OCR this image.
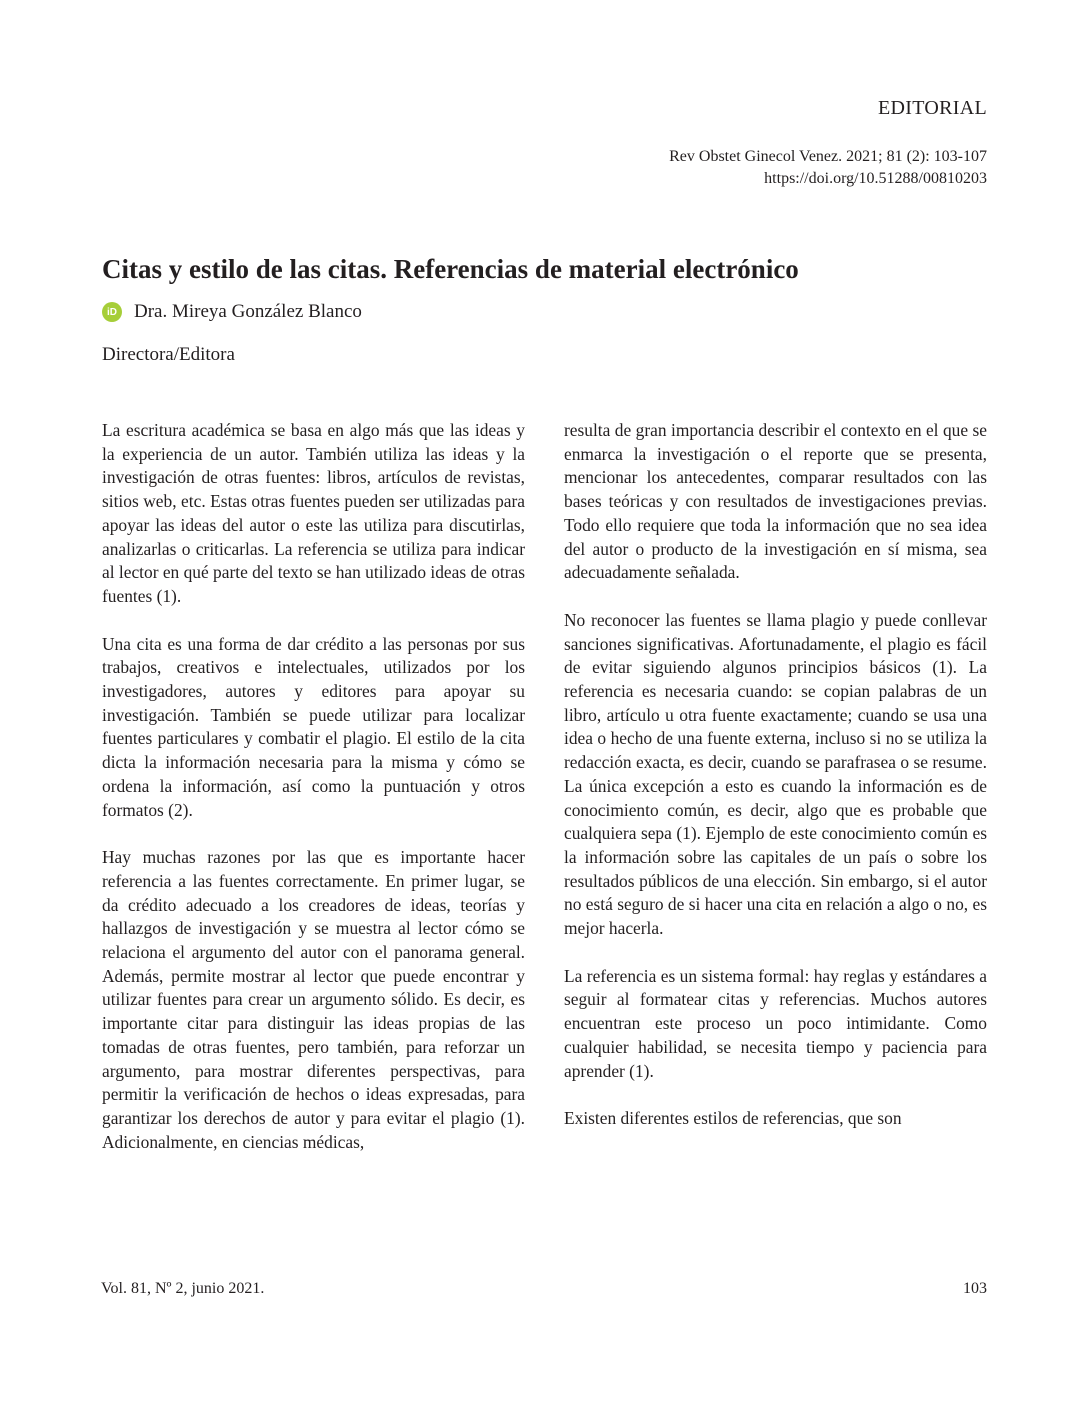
EDITORIAL
Rev Obstet Ginecol Venez. 2021; 81 (2): 103-107
https://doi.org/10.51288/00810203
Citas y estilo de las citas. Referencias de material electrónico
iD Dra. Mireya González Blanco
Directora/Editora

La escritura académica se basa en algo más que las ideas y la experiencia de un autor. También utiliza las ideas y la investigación de otras fuentes: libros, artículos de revistas, sitios web, etc. Estas otras fuentes pueden ser utilizadas para apoyar las ideas del autor o este las utiliza para discutirlas, analizarlas o criticarlas. La referencia se utiliza para indicar al lector en qué parte del texto se han utilizado ideas de otras fuentes (1).

Una cita es una forma de dar crédito a las personas por sus trabajos, creativos e intelectuales, utilizados por los investigadores, autores y editores para apoyar su investigación. También se puede utilizar para localizar fuentes particulares y combatir el plagio. El estilo de la cita dicta la información necesaria para la misma y cómo se ordena la información, así como la puntuación y otros formatos (2).

Hay muchas razones por las que es importante hacer referencia a las fuentes correctamente. En primer lugar, se da crédito adecuado a los creadores de ideas, teorías y hallazgos de investigación y se muestra al lector cómo se relaciona el argumento del autor con el panorama general. Además, permite mostrar al lector que puede encontrar y utilizar fuentes para crear un argumento sólido. Es decir, es importante citar para distinguir las ideas propias de las tomadas de otras fuentes, pero también, para reforzar un argumento, para mostrar diferentes perspectivas, para permitir la verificación de hechos o ideas expresadas, para garantizar los derechos de autor y para evitar el plagio (1). Adicionalmente, en ciencias médicas,

resulta de gran importancia describir el contexto en el que se enmarca la investigación o el reporte que se presenta, mencionar los antecedentes, comparar resultados con las bases teóricas y con resultados de investigaciones previas. Todo ello requiere que toda la información que no sea idea del autor o producto de la investigación en sí misma, sea adecuadamente señalada.

No reconocer las fuentes se llama plagio y puede conllevar sanciones significativas. Afortunadamente, el plagio es fácil de evitar siguiendo algunos principios básicos (1). La referencia es necesaria cuando: se copian palabras de un libro, artículo u otra fuente exactamente; cuando se usa una idea o hecho de una fuente externa, incluso si no se utiliza la redacción exacta, es decir, cuando se parafrasea o se resume. La única excepción a esto es cuando la información es de conocimiento común, es decir, algo que es probable que cualquiera sepa (1). Ejemplo de este conocimiento común es la información sobre las capitales de un país o sobre los resultados públicos de una elección. Sin embargo, si el autor no está seguro de si hacer una cita en relación a algo o no, es mejor hacerla.

La referencia es un sistema formal: hay reglas y estándares a seguir al formatear citas y referencias. Muchos autores encuentran este proceso un poco intimidante. Como cualquier habilidad, se necesita tiempo y paciencia para aprender (1).

Existen diferentes estilos de referencias, que son

Vol. 81, Nº 2, junio 2021.	103
